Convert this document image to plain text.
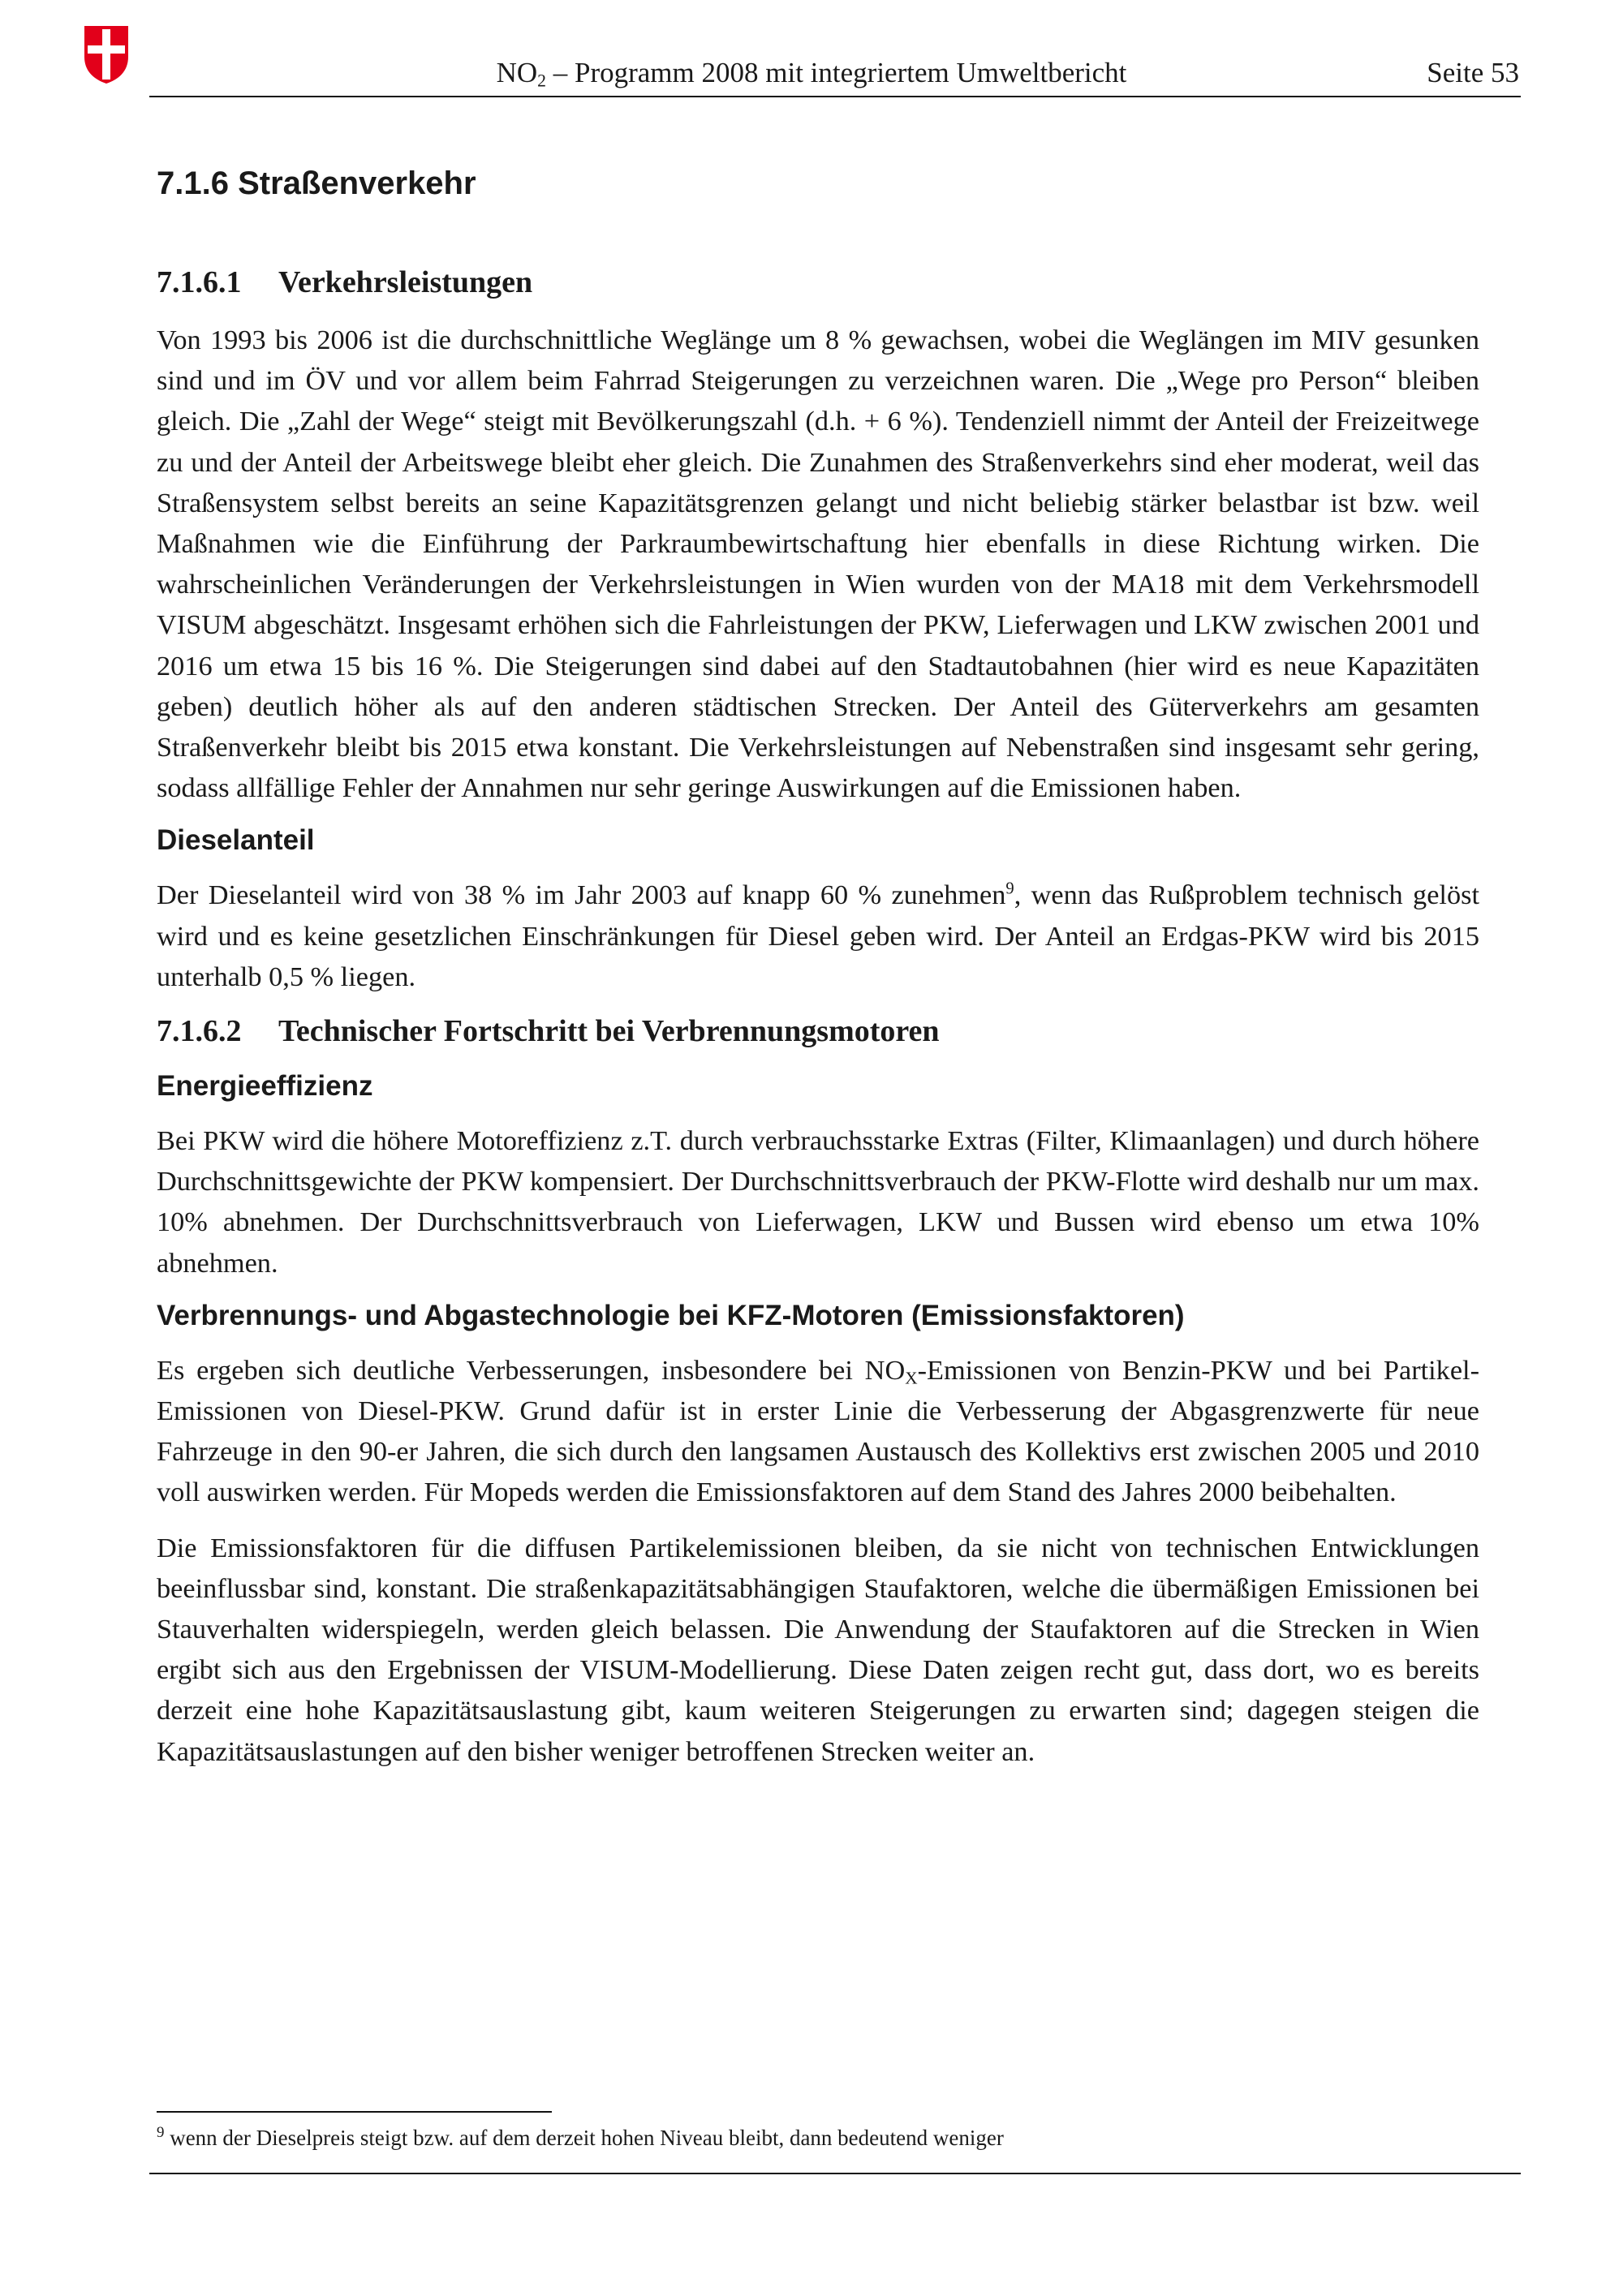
$NO_2$ – Programm 2008 mit integriertem Umweltbericht	Seite 53
7.1.6 Straßenverkehr
7.1.6.1 Verkehrsleistungen

Von 1993 bis 2006 ist die durchschnittliche Weglänge um 8 % gewachsen, wobei die Weglängen im MIV gesunken sind und im ÖV und vor allem beim Fahrrad Steigerungen zu verzeichnen waren. Die „Wege pro Person“ bleiben gleich. Die „Zahl der Wege“ steigt mit Bevölkerungszahl (d.h. + 6 %). Tendenziell nimmt der Anteil der Freizeitwege zu und der Anteil der Arbeitswege bleibt eher gleich. Die Zunahmen des Straßenverkehrs sind eher moderat, weil das Straßensystem selbst bereits an seine Kapazitätsgrenzen gelangt und nicht beliebig stärker belastbar ist bzw. weil Maßnahmen wie die Einführung der Parkraumbewirtschaftung hier ebenfalls in diese Richtung wirken. Die wahrscheinlichen Veränderungen der Verkehrsleistungen in Wien wurden von der MA18 mit dem Verkehrsmodell VISUM abgeschätzt. Insgesamt erhöhen sich die Fahrleistungen der PKW, Lieferwagen und LKW zwischen 2001 und 2016 um etwa 15 bis 16 %. Die Steigerungen sind dabei auf den Stadtautobahnen (hier wird es neue Kapazitäten geben) deutlich höher als auf den anderen städtischen Strecken. Der Anteil des Güterverkehrs am gesamten Straßenverkehr bleibt bis 2015 etwa konstant. Die Verkehrsleistungen auf Nebenstraßen sind insgesamt sehr gering, sodass allfällige Fehler der Annahmen nur sehr geringe Auswirkungen auf die Emissionen haben.

Dieselanteil

Der Dieselanteil wird von 38 % im Jahr 2003 auf knapp 60 % zunehmen$^9$, wenn das Rußproblem technisch gelöst wird und es keine gesetzlichen Einschränkungen für Diesel geben wird. Der Anteil an Erdgas-PKW wird bis 2015 unterhalb 0,5 % liegen.

7.1.6.2 Technischer Fortschritt bei Verbrennungsmotoren
Energieeffizienz

Bei PKW wird die höhere Motoreffizienz z.T. durch verbrauchsstarke Extras (Filter, Klimaanlagen) und durch höhere Durchschnittsgewichte der PKW kompensiert. Der Durchschnittsverbrauch der PKW-Flotte wird deshalb nur um max. 10% abnehmen. Der Durchschnittsverbrauch von Lieferwagen, LKW und Bussen wird ebenso um etwa 10% abnehmen.

Verbrennungs- und Abgastechnologie bei KFZ-Motoren (Emissionsfaktoren)

Es ergeben sich deutliche Verbesserungen, insbesondere bei $NO_X$-Emissionen von Benzin-PKW und bei Partikel-Emissionen von Diesel-PKW. Grund dafür ist in erster Linie die Verbesserung der Abgasgrenzwerte für neue Fahrzeuge in den 90-er Jahren, die sich durch den langsamen Austausch des Kollektivs erst zwischen 2005 und 2010 voll auswirken werden. Für Mopeds werden die Emissionsfaktoren auf dem Stand des Jahres 2000 beibehalten.

Die Emissionsfaktoren für die diffusen Partikelemissionen bleiben, da sie nicht von technischen Entwicklungen beeinflussbar sind, konstant. Die straßenkapazitätsabhängigen Staufaktoren, welche die übermäßigen Emissionen bei Stauverhalten widerspiegeln, werden gleich belassen. Die Anwendung der Staufaktoren auf die Strecken in Wien ergibt sich aus den Ergebnissen der VISUM-Modellierung. Diese Daten zeigen recht gut, dass dort, wo es bereits derzeit eine hohe Kapazitätsauslastung gibt, kaum weiteren Steigerungen zu erwarten sind; dagegen steigen die Kapazitätsauslastungen auf den bisher weniger betroffenen Strecken weiter an.

$^9$ wenn der Dieselpreis steigt bzw. auf dem derzeit hohen Niveau bleibt, dann bedeutend weniger
